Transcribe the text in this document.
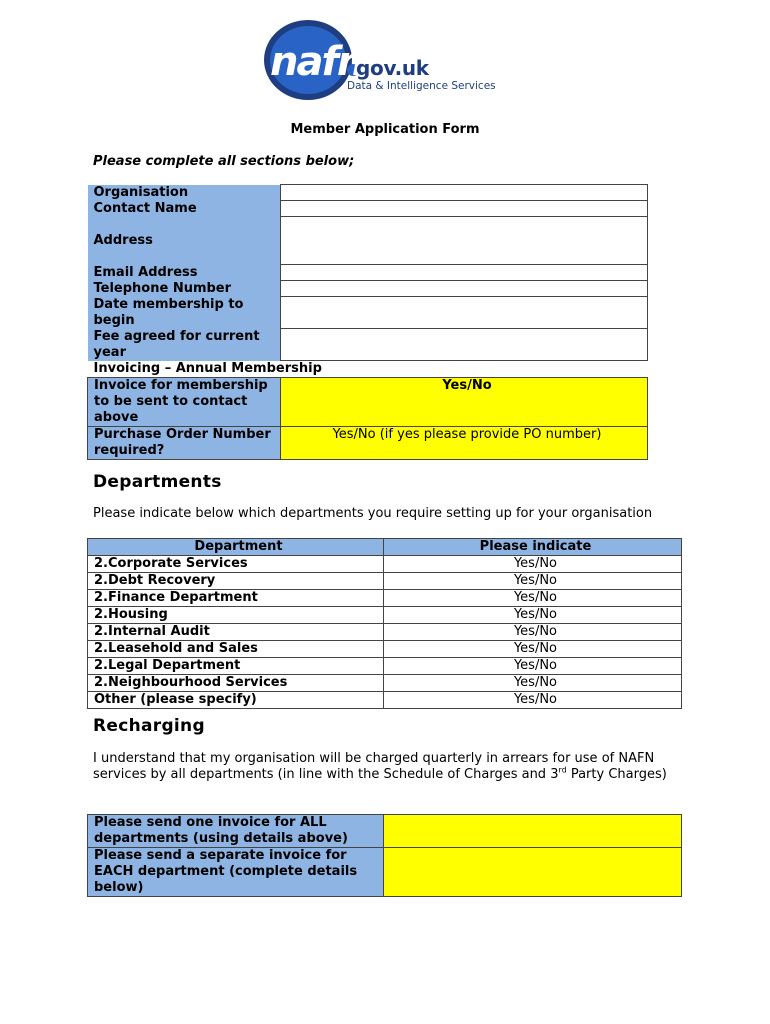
nafn
gov.uk
Data & Intelligence Services
Member Application Form
Please complete all sections below;
Organisation	
Contact Name	
Address	
Email Address	
Telephone Number	
Date membership to begin	
Fee agreed for current year	
Invoicing – Annual Membership	
Invoice for membership to be sent to contact above	Yes/No
Purchase Order Number required?	Yes/No (if yes please provide PO number)
Departments
Please indicate below which departments you require setting up for your organisation
Department	Please indicate
2.Corporate Services	Yes/No
2.Debt Recovery	Yes/No
2.Finance Department	Yes/No
2.Housing	Yes/No
2.Internal Audit	Yes/No
2.Leasehold and Sales	Yes/No
2.Legal Department	Yes/No
2.Neighbourhood Services	Yes/No
Other (please specify)	Yes/No
Recharging
I understand that my organisation will be charged quarterly in arrears for use of NAFN services by all departments (in line with the Schedule of Charges and 3rd Party Charges)
Please send one invoice for ALL departments (using details above)	
Please send a separate invoice for EACH department (complete details below)	
